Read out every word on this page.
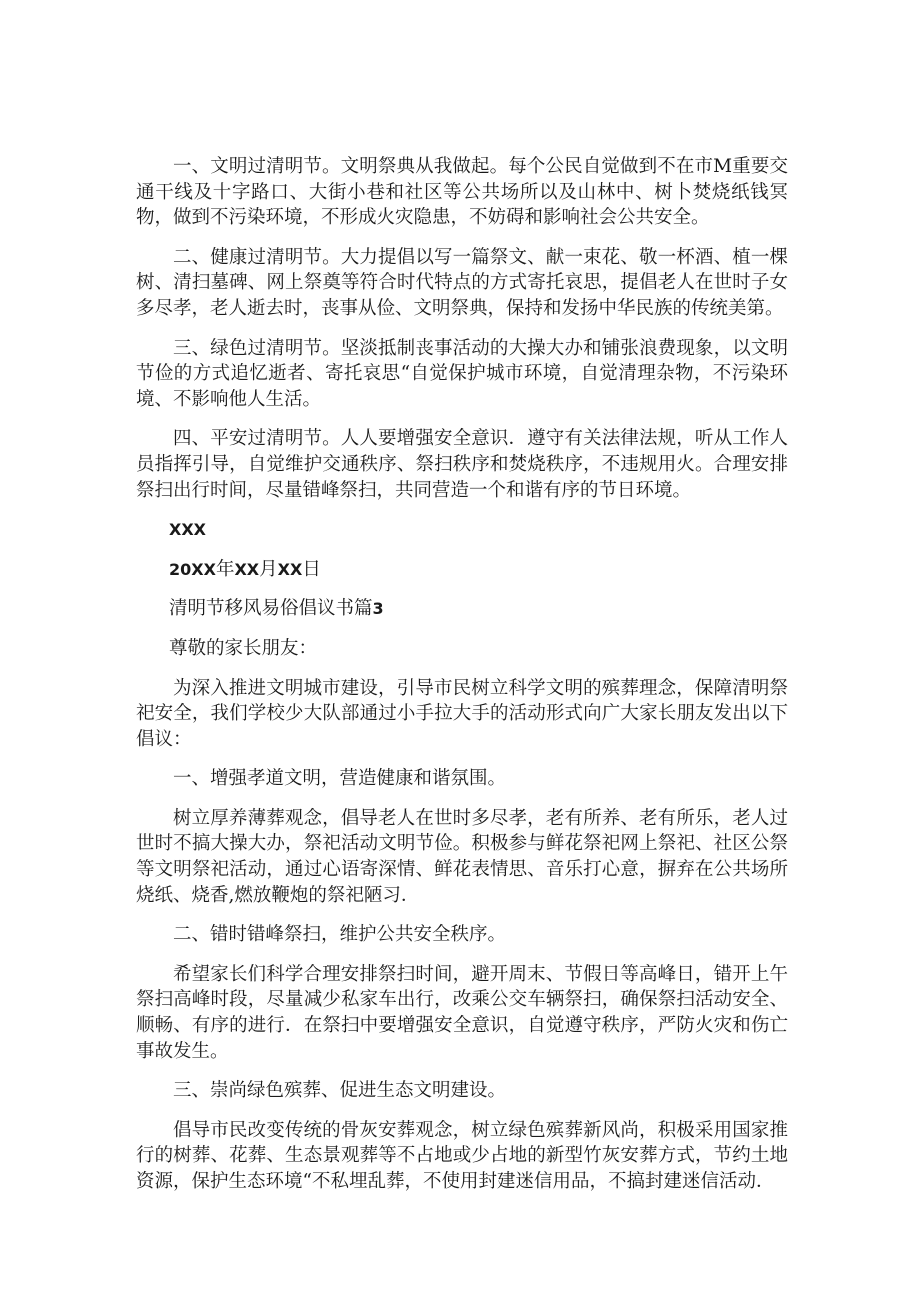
一、文明过清明节。文明祭典从我做起。每个公民自觉做到不在市M重要交通干线及十字路口、大街小巷和社区等公共场所以及山林中、树卜焚烧纸钱冥物，做到不污染环境，不形成火灾隐患，不妨碍和影响社会公共安全。

二、健康过清明节。大力提倡以写一篇祭文、献一束花、敬一杯酒、植一棵树、清扫墓碑、网上祭奠等符合时代特点的方式寄托哀思，提倡老人在世时子女多尽孝，老人逝去时，丧事从俭、文明祭典，保持和发扬中华民族的传统美第。

三、绿色过清明节。坚淡抵制丧事活动的大操大办和铺张浪费现象，以文明节俭的方式追忆逝者、寄托哀思“自觉保护城市环境，自觉清理杂物，不污染环境、不影响他人生活。

四、平安过清明节。人人要增强安全意识．遵守有关法律法规，听从工作人员指挥引导，自觉维护交通秩序、祭扫秩序和焚烧秩序，不违规用火。合理安排祭扫出行时间，尽量错峰祭扫，共同营造一个和谐有序的节日环境。

XXX

20XX年XX月XX日

清明节移风易俗倡议书篇3

尊敬的家长朋友：

为深入推进文明城市建设，引导市民树立科学文明的殡葬理念，保障清明祭祀安全，我们学校少大队部通过小手拉大手的活动形式向广大家长朋友发出以下倡议：

一、增强孝道文明，营造健康和谐氛围。

树立厚养薄葬观念，倡导老人在世时多尽孝，老有所养、老有所乐，老人过世时不搞大操大办，祭祀活动文明节俭。积极参与鲜花祭祀网上祭祀、社区公祭等文明祭祀活动，通过心语寄深情、鲜花表情思、音乐打心意，摒弃在公共场所烧纸、烧香,燃放鞭炮的祭祀陋习．

二、错时错峰祭扫，维护公共安全秩序。

希望家长们科学合理安排祭扫时间，避开周末、节假日等高峰日，错开上午祭扫高峰时段，尽量减少私家车出行，改乘公交车辆祭扫，确保祭扫活动安全、顺畅、有序的进行．在祭扫中要增强安全意识，自觉遵守秩序，严防火灾和伤亡事故发生。

三、崇尚绿色殡葬、促进生态文明建设。

倡导市民改变传统的骨灰安葬观念，树立绿色殡葬新风尚，积极采用国家推行的树葬、花葬、生态景观葬等不占地或少占地的新型竹灰安葬方式，节约土地资源，保护生态环境“不私埋乱葬，不使用封建迷信用品，不搞封建迷信活动．
